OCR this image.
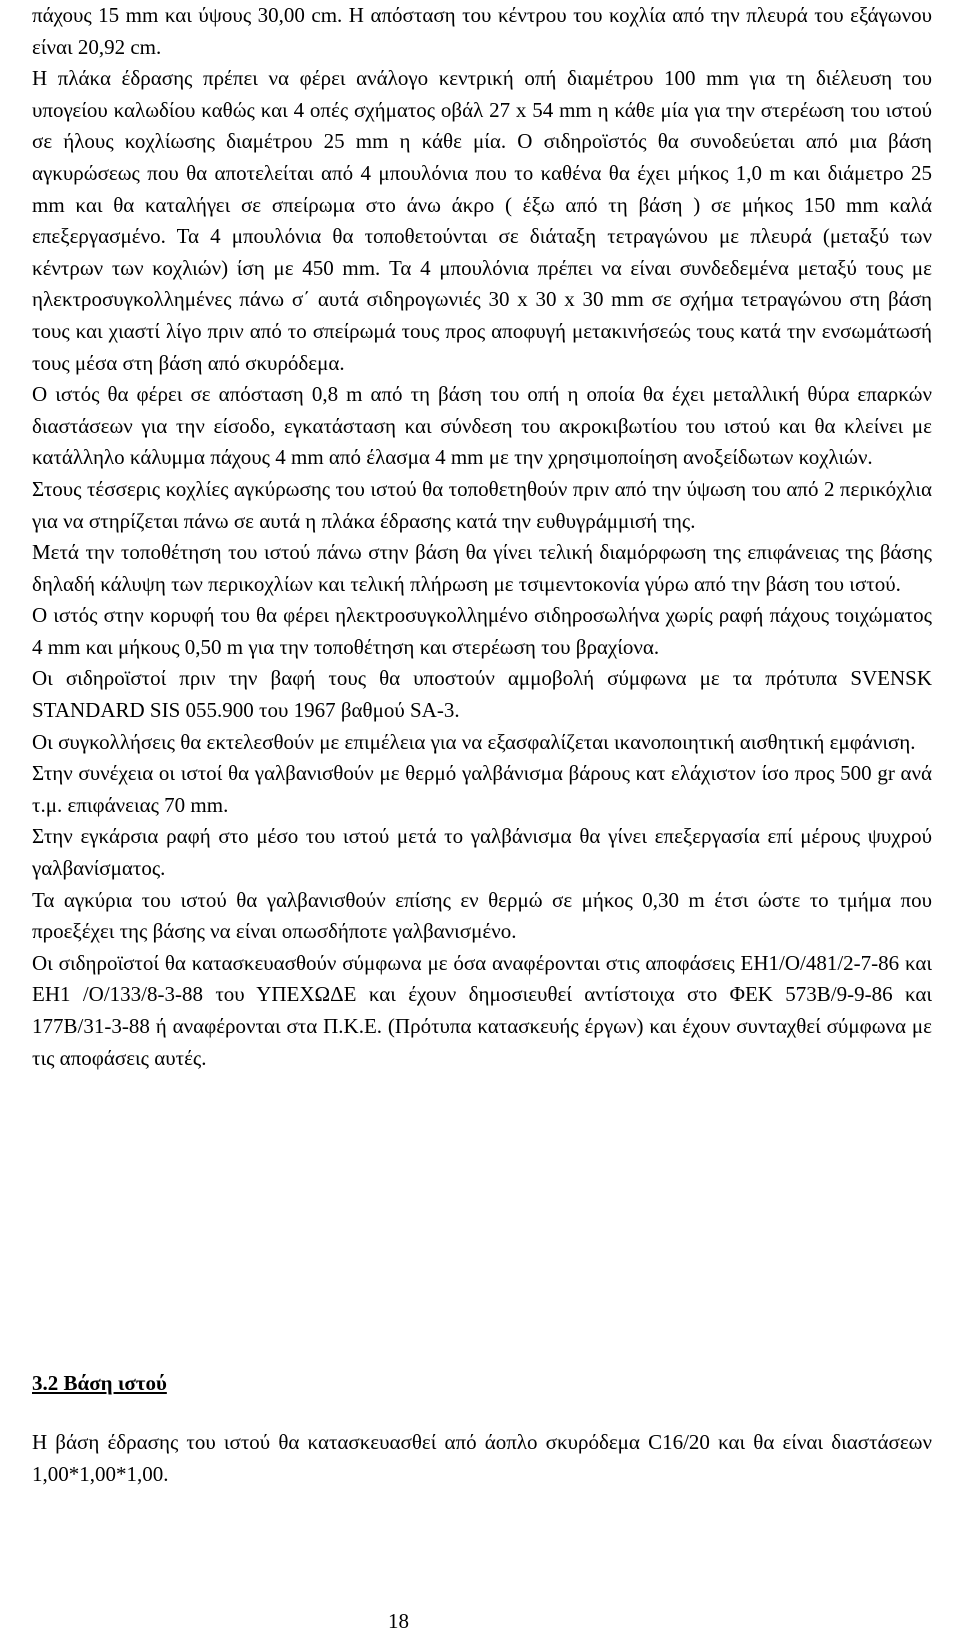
πάχους 15 mm και ύψους 30,00 cm. Η απόσταση του κέντρου του κοχλία από την πλευρά του εξάγωνου είναι 20,92 cm.

Η πλάκα έδρασης πρέπει να φέρει ανάλογο κεντρική οπή διαμέτρου 100 mm για τη διέλευση του υπογείου καλωδίου καθώς και 4 οπές σχήματος οβάλ 27 x 54 mm η κάθε μία για την στερέωση του ιστού σε ήλους κοχλίωσης διαμέτρου 25 mm η κάθε μία. Ο σιδηροϊστός θα συνοδεύεται από μια βάση αγκυρώσεως που θα αποτελείται από 4 μπουλόνια που το καθένα θα έχει μήκος 1,0 m και διάμετρο 25 mm και θα καταλήγει σε σπείρωμα στο άνω άκρο ( έξω από τη βάση ) σε μήκος 150 mm καλά επεξεργασμένο. Τα 4 μπουλόνια θα τοποθετούνται σε διάταξη τετραγώνου με πλευρά (μεταξύ των κέντρων των κοχλιών) ίση με 450 mm. Τα 4 μπουλόνια πρέπει να είναι συνδεδεμένα μεταξύ τους με ηλεκτροσυγκολλημένες πάνω σ΄ αυτά σιδηρογωνιές 30 x 30 x 30 mm σε σχήμα τετραγώνου στη βάση τους και χιαστί λίγο πριν από το σπείρωμά τους προς αποφυγή μετακινήσεώς τους κατά την ενσωμάτωσή τους μέσα στη βάση από σκυρόδεμα.

Ο ιστός θα φέρει σε απόσταση 0,8 m από τη βάση του οπή η οποία θα έχει μεταλλική θύρα επαρκών διαστάσεων για την είσοδο, εγκατάσταση και σύνδεση του ακροκιβωτίου του ιστού και θα κλείνει με κατάλληλο κάλυμμα πάχους 4 mm από έλασμα 4 mm με την χρησιμοποίηση ανοξείδωτων κοχλιών.

Στους τέσσερις κοχλίες αγκύρωσης του ιστού θα τοποθετηθούν πριν από την ύψωση του από 2 περικόχλια για να στηρίζεται πάνω σε αυτά η πλάκα έδρασης κατά την ευθυγράμμισή της.

Μετά την τοποθέτηση του ιστού πάνω στην βάση θα γίνει τελική διαμόρφωση της επιφάνειας της βάσης δηλαδή κάλυψη των περικοχλίων και τελική πλήρωση με τσιμεντοκονία γύρω από την βάση του ιστού.

Ο ιστός στην κορυφή του θα φέρει ηλεκτροσυγκολλημένο σιδηροσωλήνα χωρίς ραφή πάχους τοιχώματος 4 mm και μήκους 0,50 m για την τοποθέτηση και στερέωση του βραχίονα.

Οι σιδηροϊστοί πριν την βαφή τους θα υποστούν αμμοβολή σύμφωνα με τα πρότυπα SVENSK STANDARD SIS 055.900 του 1967 βαθμού SA-3.

Οι συγκολλήσεις θα εκτελεσθούν με επιμέλεια για να εξασφαλίζεται ικανοποιητική αισθητική εμφάνιση.

Στην συνέχεια οι ιστοί θα γαλβανισθούν με θερμό γαλβάνισμα βάρους κατ ελάχιστον ίσο προς 500 gr ανά τ.μ. επιφάνειας 70 mm.

Στην εγκάρσια ραφή στο μέσο του ιστού μετά το γαλβάνισμα θα γίνει επεξεργασία επί μέρους ψυχρού γαλβανίσματος.

Τα αγκύρια του ιστού θα γαλβανισθούν επίσης εν θερμώ σε μήκος 0,30 m έτσι ώστε το τμήμα που προεξέχει της βάσης να είναι οπωσδήποτε γαλβανισμένο.

Οι σιδηροϊστοί θα κατασκευασθούν σύμφωνα με όσα αναφέρονται στις αποφάσεις ΕΗ1/Ο/481/2-7-86 και ΕΗ1 /Ο/133/8-3-88 του ΥΠΕΧΩΔΕ και έχουν δημοσιευθεί αντίστοιχα στο ΦΕΚ 573Β/9-9-86 και 177Β/31-3-88 ή αναφέρονται στα Π.Κ.Ε. (Πρότυπα κατασκευής έργων) και έχουν συνταχθεί σύμφωνα με τις αποφάσεις αυτές.

3.2 Βάση ιστού

Η βάση έδρασης του ιστού θα κατασκευασθεί από άοπλο σκυρόδεμα C16/20 και θα είναι διαστάσεων 1,00*1,00*1,00.

18
